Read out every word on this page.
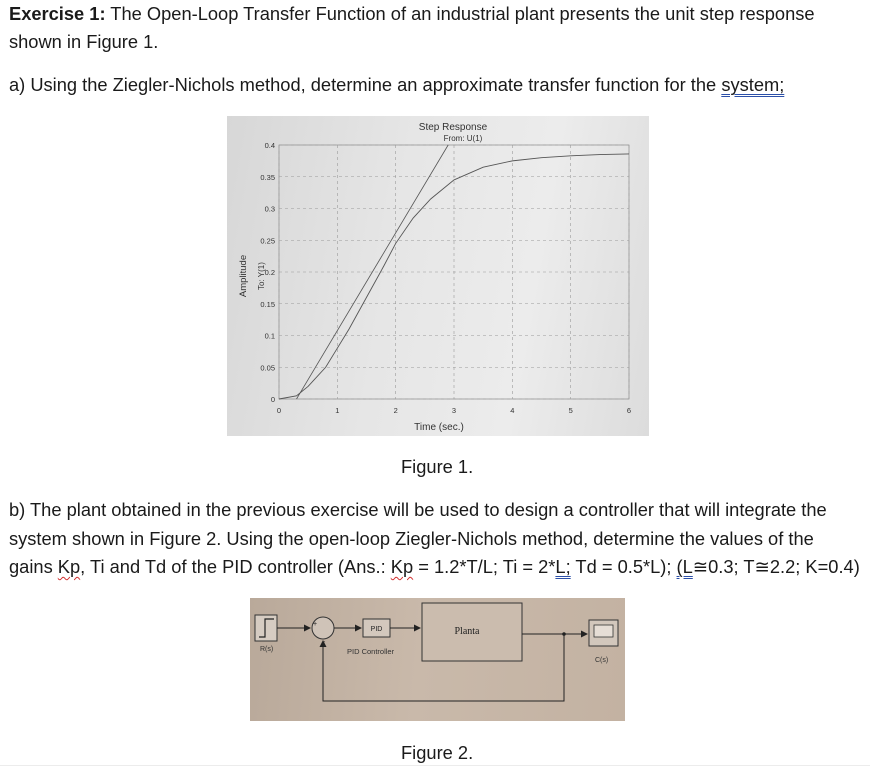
Exercise 1: The Open-Loop Transfer Function of an industrial plant presents the unit step response

shown in Figure 1.

a) Using the Ziegler-Nichols method, determine an approximate transfer function for the system;

Step Response
From: U(1)
Time (sec.)
Amplitude To: Y(1)
0	1	2	3	4	5	6
0
0.05
0.1
0.15
0.2
0.25
0.3
0.35
0.4
Figure 1.

b) The plant obtained in the previous exercise will be used to design a controller that will integrate the

system shown in Figure 2. Using the open-loop Ziegler-Nichols method, determine the values of the

gains Kp, Ti and Td of the PID controller (Ans.: Kp = 1.2*T/L; Ti = 2*L; Td = 0.5*L); (L≅0.3; T≅2.2; K=0.4)

R(s)
+
-
PID
PID Controller
Planta
C(s)
Figure 2.
